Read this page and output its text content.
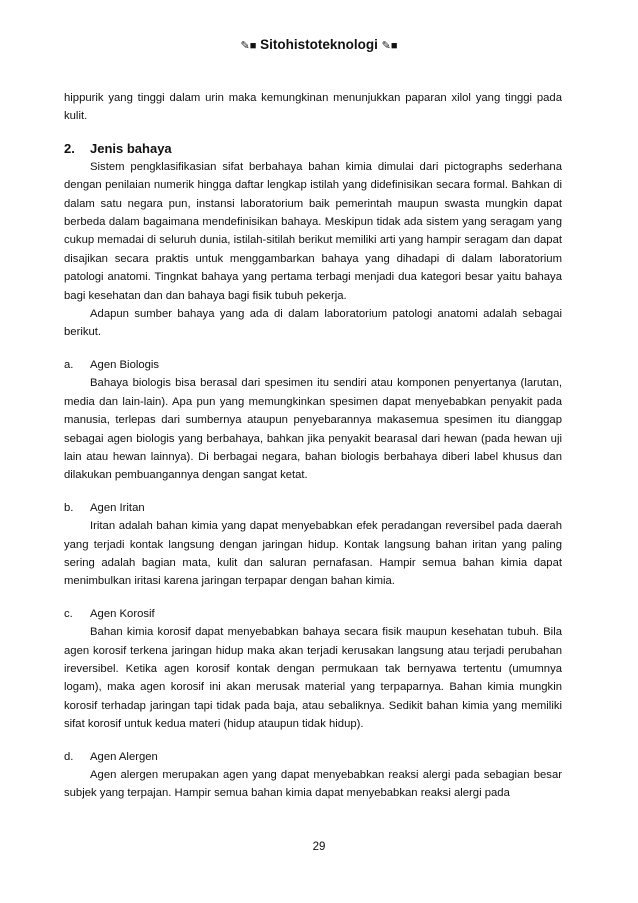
✎■ Sitohistoteknologi ✎■

hippurik yang tinggi dalam urin maka kemungkinan menunjukkan paparan xilol yang tinggi pada kulit.

2. Jenis bahaya

Sistem pengklasifikasian sifat berbahaya bahan kimia dimulai dari pictographs sederhana dengan penilaian numerik hingga daftar lengkap istilah yang didefinisikan secara formal. Bahkan di dalam satu negara pun, instansi laboratorium baik pemerintah maupun swasta mungkin dapat berbeda dalam bagaimana mendefinisikan bahaya. Meskipun tidak ada sistem yang seragam yang cukup memadai di seluruh dunia, istilah-sitilah berikut memiliki arti yang hampir seragam dan dapat disajikan secara praktis untuk menggambarkan bahaya yang dihadapi di dalam laboratorium patologi anatomi. Tingnkat bahaya yang pertama terbagi menjadi dua kategori besar yaitu bahaya bagi kesehatan dan dan bahaya bagi fisik tubuh pekerja.

Adapun sumber bahaya yang ada di dalam laboratorium patologi anatomi adalah sebagai berikut.

a. Agen Biologis

Bahaya biologis bisa berasal dari spesimen itu sendiri atau komponen penyertanya (larutan, media dan lain-lain). Apa pun yang memungkinkan spesimen dapat menyebabkan penyakit pada manusia, terlepas dari sumbernya ataupun penyebarannya makasemua spesimen itu dianggap sebagai agen biologis yang berbahaya, bahkan jika penyakit bearasal dari hewan (pada hewan uji lain atau hewan lainnya). Di berbagai negara, bahan biologis berbahaya diberi label khusus dan dilakukan pembuangannya dengan sangat ketat.

b. Agen Iritan

Iritan adalah bahan kimia yang dapat menyebabkan efek peradangan reversibel pada daerah yang terjadi kontak langsung dengan jaringan hidup. Kontak langsung bahan iritan yang paling sering adalah bagian mata, kulit dan saluran pernafasan. Hampir semua bahan kimia dapat menimbulkan iritasi karena jaringan terpapar dengan bahan kimia.

c. Agen Korosif

Bahan kimia korosif dapat menyebabkan bahaya secara fisik maupun kesehatan tubuh. Bila agen korosif terkena jaringan hidup maka akan terjadi kerusakan langsung atau terjadi perubahan ireversibel. Ketika agen korosif kontak dengan permukaan tak bernyawa tertentu (umumnya logam), maka agen korosif ini akan merusak material yang terpaparnya. Bahan kimia mungkin korosif terhadap jaringan tapi tidak pada baja, atau sebaliknya. Sedikit bahan kimia yang memiliki sifat korosif untuk kedua materi (hidup ataupun tidak hidup).

d. Agen Alergen

Agen alergen merupakan agen yang dapat menyebabkan reaksi alergi pada sebagian besar subjek yang terpajan. Hampir semua bahan kimia dapat menyebabkan reaksi alergi pada

29
